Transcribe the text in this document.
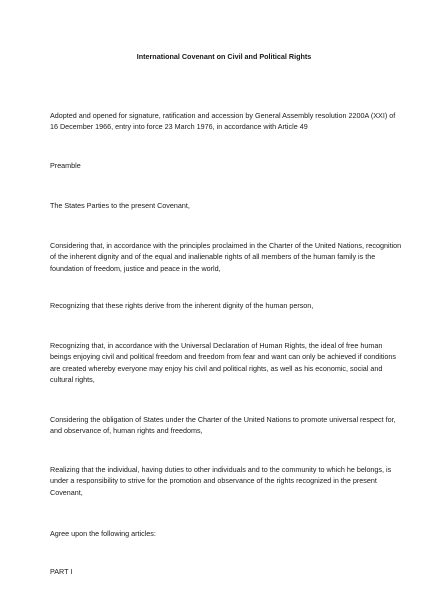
International Covenant on Civil and Political Rights

Adopted and opened for signature, ratification and accession by General Assembly resolution 2200A (XXI) of 16 December 1966, entry into force 23 March 1976, in accordance with Article 49

Preamble

The States Parties to the present Covenant,

Considering that, in accordance with the principles proclaimed in the Charter of the United Nations, recognition of the inherent dignity and of the equal and inalienable rights of all members of the human family is the foundation of freedom, justice and peace in the world,

Recognizing that these rights derive from the inherent dignity of the human person,

Recognizing that, in accordance with the Universal Declaration of Human Rights, the ideal of free human beings enjoying civil and political freedom and freedom from fear and want can only be achieved if conditions are created whereby everyone may enjoy his civil and political rights, as well as his economic, social and cultural rights,

Considering the obligation of States under the Charter of the United Nations to promote universal respect for, and observance of, human rights and freedoms,

Realizing that the individual, having duties to other individuals and to the community to which he belongs, is under a responsibility to strive for the promotion and observance of the rights recognized in the present Covenant,

Agree upon the following articles:

PART I
